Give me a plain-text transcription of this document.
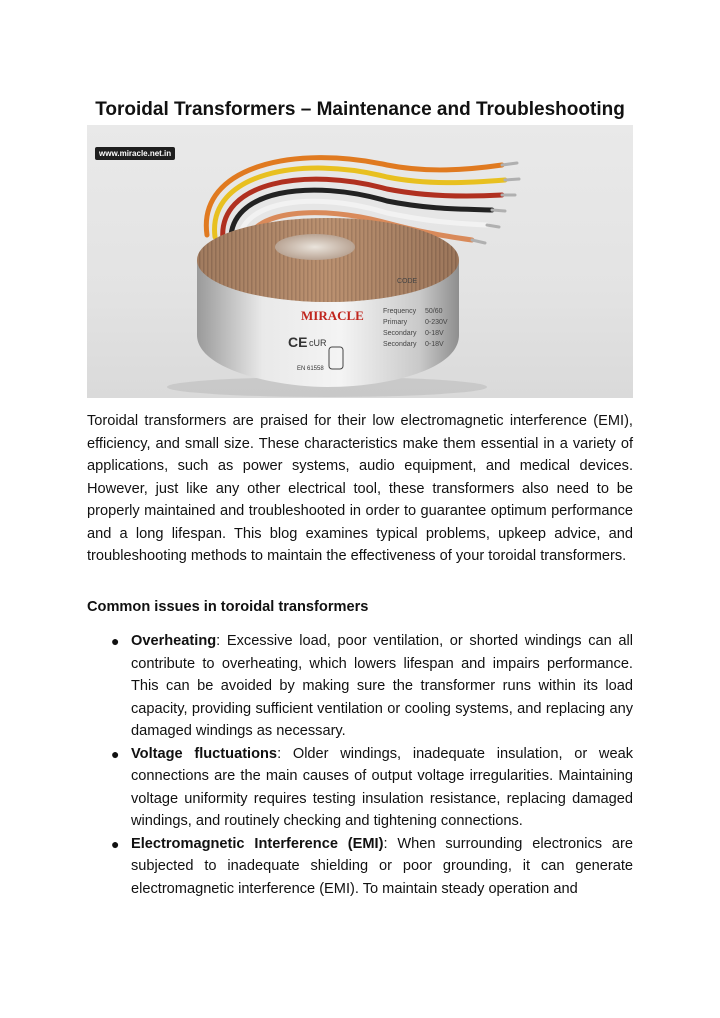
Toroidal Transformers – Maintenance and Troubleshooting
www.miracle.net.in
MIRACLE
CE cUR
EN 61558
CODE
Frequency
Primary
Secondary
Secondary
50/60
0-230V
0-18V
0-18V

Toroidal transformers are praised for their low electromagnetic interference (EMI), efficiency, and small size. These characteristics make them essential in a variety of applications, such as power systems, audio equipment, and medical devices. However, just like any other electrical tool, these transformers also need to be properly maintained and troubleshooted in order to guarantee optimum performance and a long lifespan. This blog examines typical problems, upkeep advice, and troubleshooting methods to maintain the effectiveness of your toroidal transformers.

Common issues in toroidal transformers

● Overheating: Excessive load, poor ventilation, or shorted windings can all contribute to overheating, which lowers lifespan and impairs performance. This can be avoided by making sure the transformer runs within its load capacity, providing sufficient ventilation or cooling systems, and replacing any damaged windings as necessary.
● Voltage fluctuations: Older windings, inadequate insulation, or weak connections are the main causes of output voltage irregularities. Maintaining voltage uniformity requires testing insulation resistance, replacing damaged windings, and routinely checking and tightening connections.
● Electromagnetic Interference (EMI): When surrounding electronics are subjected to inadequate shielding or poor grounding, it can generate electromagnetic interference (EMI). To maintain steady operation and
